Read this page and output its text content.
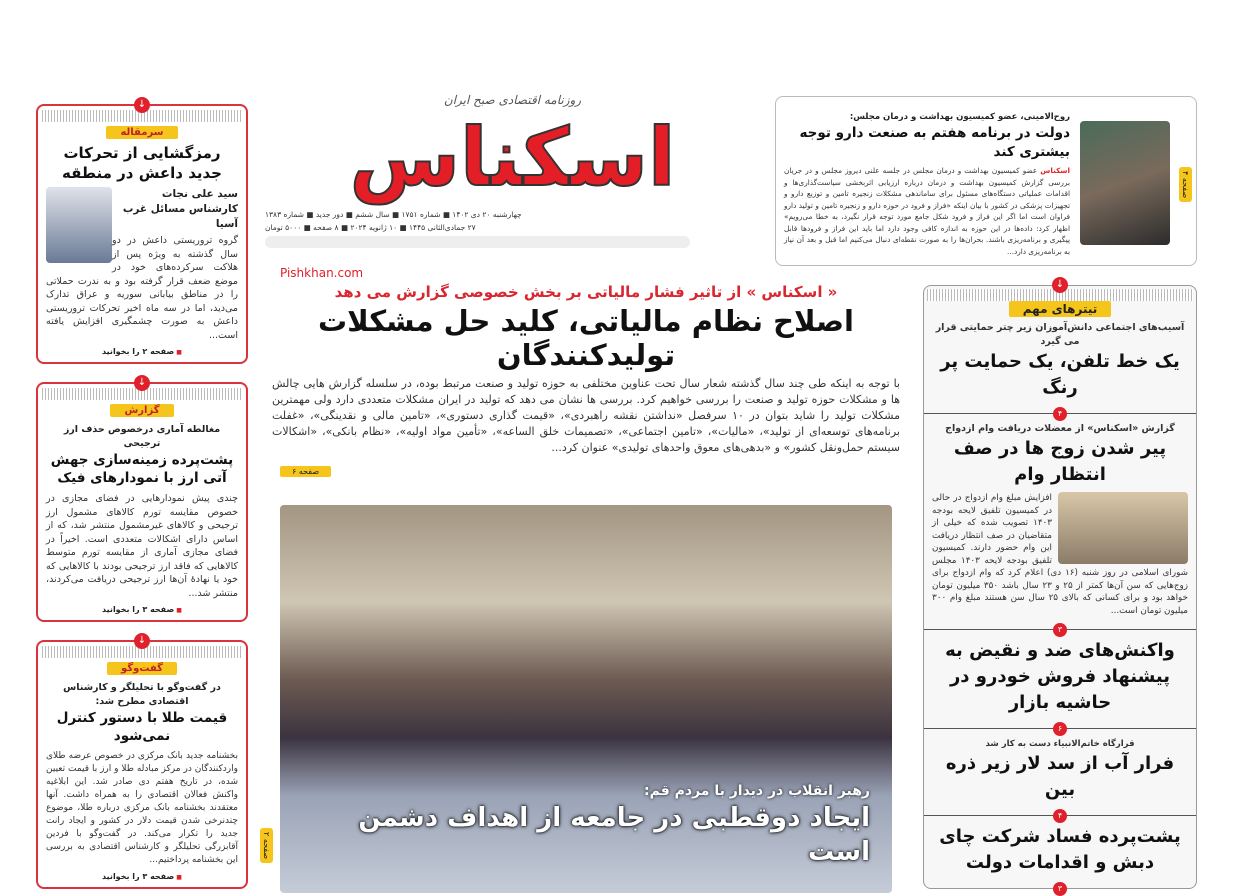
روزنامه اقتصادی صبح ایران
اسکناس
چهارشنبه ۲۰ دی ۱۴۰۲ ■ شماره ۱۷۵۱ ■ سال ششم ■ دور جدید ■ شماره ۱۳۸۳
۲۷ جمادی‌الثانی ۱۴۴۵ ■ ۱۰ ژانویه ۲۰۲۴ ■ ۸ صفحه ■ ۵۰۰۰ تومان
Pishkhan.com
صفحه ۴
روح‌الامینی، عضو کمیسیون بهداشت و درمان مجلس:
دولت در برنامه هفتم به صنعت دارو توجه بیشتری کند
اسکناس عضو کمیسیون بهداشت و درمان مجلس در جلسه علنی دیروز مجلس و در جریان بررسی گزارش کمیسیون بهداشت و درمان درباره ارزیابی اثربخشی سیاست‌گذاری‌ها و اقدامات عملیاتی دستگاه‌های مسئول برای ساماندهی مشکلات زنجیره تامین و توزیع دارو و تجهیزات پزشکی در کشور با بیان اینکه «فراز و فرود در حوزه دارو و زنجیره تامین و تولید دارو فراوان است اما اگر این فراز و فرود شکل جامع مورد توجه قرار نگیرد، به خطا می‌رویم» اظهار کرد: داده‌ها در این حوزه به اندازه کافی وجود دارد اما باید این فراز و فرودها قابل پیگیری و برنامه‌ریزی باشند. بحران‌ها را به صورت نقطه‌ای دنبال می‌کنیم اما قبل و بعد آن نیاز به برنامه‌ریزی دارد...
« اسکناس » از تاثیر فشار مالیاتی بر بخش خصوصی گزارش می دهد
اصلاح نظام مالیاتی، کلید حل مشکلات تولیدکنندگان
با توجه به اینکه طی چند سال گذشته شعار سال تحت عناوین مختلفی به حوزه تولید و صنعت مرتبط بوده، در سلسله گزارش هایی چالش ها و مشکلات حوزه تولید و صنعت را بررسی خواهیم کرد. بررسی ها نشان می دهد که تولید در ایران مشکلات متعددی دارد ولی مهمترین مشکلات تولید را شاید بتوان در ۱۰ سرفصل «نداشتن نقشه راهبردی»، «قیمت گذاری دستوری»، «تامین مالی و نقدینگی»، «غفلت برنامه‌های توسعه‌ای از تولید»، «مالیات»، «تامین اجتماعی»، «تصمیمات خلق الساعه»، «تأمین مواد اولیه»، «نظام بانکی»، «اشکالات سیستم حمل‌ونقل کشور» و «بدهی‌های معوق واحدهای تولیدی» عنوان کرد...
صفحه ۶
رهبر انقلاب در دیدار با مردم قم:
ایجاد دوقطبی در جامعه از اهداف دشمن است
صفحه ۲
↓
سرمقاله
رمزگشایی از تحرکات جدید داعش در منطقه
سید علی نجات
کارشناس مسائل غرب آسیا
گروه تروریستی داعش در دو سال گذشته به ویژه پس از هلاکت سرکرده‌های خود در موضع ضعف قرار گرفته بود و به ندرت حملاتی را در مناطق بیابانی سوریه و عراق تدارک می‌دید، اما در سه ماه اخیر تحرکات تروریستی داعش به صورت چشمگیری افزایش یافته است...
■ صفحه ۲ را بخوانید
↓
گزارش
مغالطه آماری درخصوص حذف ارز ترجیحی
پشت‌پرده زمینه‌سازی جهش آتی ارز با نمودارهای فیک
چندی پیش نمودارهایی در فضای مجازی در خصوص مقایسه تورم کالاهای مشمول ارز ترجیحی و کالاهای غیرمشمول منتشر شد، که از اساس دارای اشکالات متعددی است. اخیراً در فضای مجازی آماری از مقایسه تورم متوسط کالاهایی که فاقد ارز ترجیحی بودند با کالاهایی که خود یا نهادهٔ آن‌ها ارز ترجیحی دریافت می‌کردند، منتشر شد...
■ صفحه ۳ را بخوانید
↓
گفت‌وگو
در گفت‌وگو با تحلیلگر و کارشناس اقتصادی مطرح شد:
قیمت طلا با دستور کنترل نمی‌شود
بخشنامه جدید بانک مرکزی در خصوص عرضه طلای واردکنندگان در مرکز مبادله طلا و ارز با قیمت تعیین شده، در تاریخ هفتم دی صادر شد. این ابلاغیه واکنش فعالان اقتصادی را به همراه داشت. آنها معتقدند بخشنامه بانک مرکزی درباره طلا، موضوع چندنرخی شدن قیمت دلار در کشور و ایجاد رانت جدید را تکرار می‌کند. در گفت‌وگو با فردین آقابزرگی تحلیلگر و کارشناس اقتصادی به بررسی این بخشنامه پرداختیم...
■ صفحه ۳ را بخوانید
↓
تیترهای مهم
آسیب‌های اجتماعی دانش‌آموزان زیر چتر حمایتی قرار می گیرد
یک خط تلفن، یک حمایت پر رنگ
۴
گزارش «اسکناس» از معضلات دریافت وام ازدواج
پیر شدن زوج ها در صف انتظار وام
افزایش مبلغ وام ازدواج در حالی در کمیسیون تلفیق لایحه بودجه ۱۴۰۳ تصویب شده که خیلی از متقاضیان در صف انتظار دریافت این وام حضور دارند. کمیسیون تلفیق بودجه لایحه ۱۴۰۳ مجلس شورای اسلامی در روز شنبه (۱۶ دی) اعلام کرد که وام ازدواج برای زوج‌هایی که سن آن‌ها کمتر از ۲۵ و ۲۳ سال باشد ۳۵۰ میلیون تومان خواهد بود و برای کسانی که بالای ۲۵ سال سن هستند مبلغ وام ۳۰۰ میلیون تومان است...
۳
واکنش‌های ضد و نقیض به پیشنهاد فروش خودرو در حاشیه بازار
۶
قرارگاه خاتم‌الانبیاء دست به کار شد
فرار آب از سد لار زیر ذره بین
۴
پشت‌پرده فساد شرکت چای دبش و اقدامات دولت
۳
